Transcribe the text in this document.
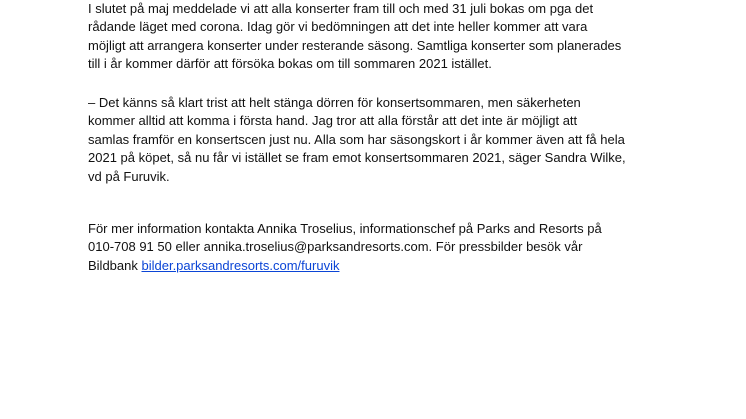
I slutet på maj meddelade vi att alla konserter fram till och med 31 juli bokas om pga det
rådande läget med corona. Idag gör vi bedömningen att det inte heller kommer att vara
möjligt att arrangera konserter under resterande säsong. Samtliga konserter som planerades
till i år kommer därför att försöka bokas om till sommaren 2021 istället.
– Det känns så klart trist att helt stänga dörren för konsertsommaren, men säkerheten
kommer alltid att komma i första hand. Jag tror att alla förstår att det inte är möjligt att
samlas framför en konsertscen just nu. Alla som har säsongskort i år kommer även att få hela
2021 på köpet, så nu får vi istället se fram emot konsertsommaren 2021, säger Sandra Wilke,
vd på Furuvik.
För mer information kontakta Annika Troselius, informationschef på Parks and Resorts på
010-708 91 50 eller annika.troselius@parksandresorts.com. För pressbilder besök vår
Bildbank bilder.parksandresorts.com/furuvik
